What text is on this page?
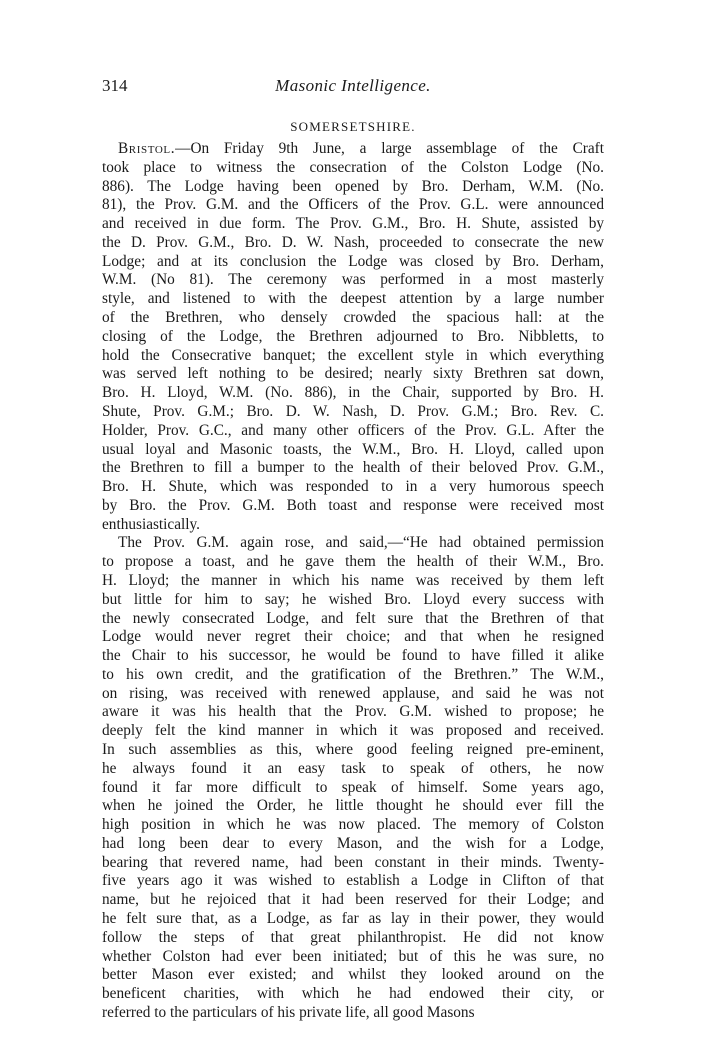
314	Masonic Intelligence.
SOMERSETSHIRE.
Bristol.—On Friday 9th June, a large assemblage of the Craft
took place to witness the consecration of the Colston Lodge (No.
886). The Lodge having been opened by Bro. Derham, W.M. (No.
81), the Prov. G.M. and the Officers of the Prov. G.L. were announced
and received in due form. The Prov. G.M., Bro. H. Shute, assisted by
the D. Prov. G.M., Bro. D. W. Nash, proceeded to consecrate the new
Lodge; and at its conclusion the Lodge was closed by Bro. Derham,
W.M. (No 81). The ceremony was performed in a most masterly
style, and listened to with the deepest attention by a large number
of the Brethren, who densely crowded the spacious hall: at the
closing of the Lodge, the Brethren adjourned to Bro. Nibbletts, to
hold the Consecrative banquet; the excellent style in which everything
was served left nothing to be desired; nearly sixty Brethren sat down,
Bro. H. Lloyd, W.M. (No. 886), in the Chair, supported by Bro. H.
Shute, Prov. G.M.; Bro. D. W. Nash, D. Prov. G.M.; Bro. Rev. C.
Holder, Prov. G.C., and many other officers of the Prov. G.L. After the
usual loyal and Masonic toasts, the W.M., Bro. H. Lloyd, called upon
the Brethren to fill a bumper to the health of their beloved Prov. G.M.,
Bro. H. Shute, which was responded to in a very humorous speech
by Bro. the Prov. G.M. Both toast and response were received most
enthusiastically.
The Prov. G.M. again rose, and said,—“He had obtained permission
to propose a toast, and he gave them the health of their W.M., Bro.
H. Lloyd; the manner in which his name was received by them left
but little for him to say; he wished Bro. Lloyd every success with
the newly consecrated Lodge, and felt sure that the Brethren of that
Lodge would never regret their choice; and that when he resigned
the Chair to his successor, he would be found to have filled it alike
to his own credit, and the gratification of the Brethren.” The W.M.,
on rising, was received with renewed applause, and said he was not
aware it was his health that the Prov. G.M. wished to propose; he
deeply felt the kind manner in which it was proposed and received.
In such assemblies as this, where good feeling reigned pre-eminent,
he always found it an easy task to speak of others, he now
found it far more difficult to speak of himself. Some years ago,
when he joined the Order, he little thought he should ever fill the
high position in which he was now placed. The memory of Colston
had long been dear to every Mason, and the wish for a Lodge,
bearing that revered name, had been constant in their minds. Twenty-
five years ago it was wished to establish a Lodge in Clifton of that
name, but he rejoiced that it had been reserved for their Lodge; and
he felt sure that, as a Lodge, as far as lay in their power, they would
follow the steps of that great philanthropist. He did not know
whether Colston had ever been initiated; but of this he was sure, no
better Mason ever existed; and whilst they looked around on the
beneficent charities, with which he had endowed their city, or
referred to the particulars of his private life, all good Masons
